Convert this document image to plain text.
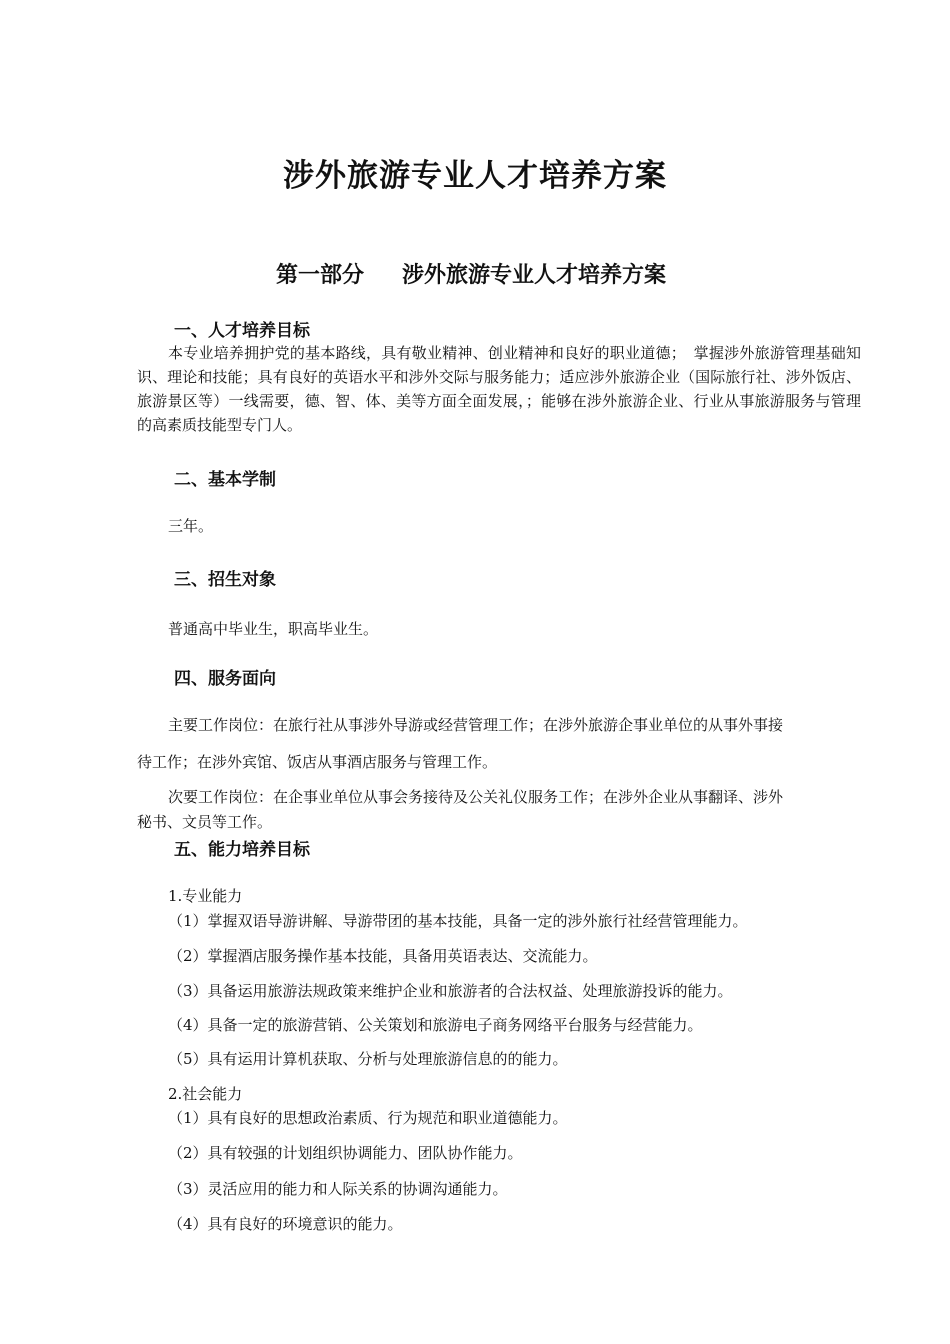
涉外旅游专业人才培养方案
第一部分 涉外旅游专业人才培养方案
一、人才培养目标
本专业培养拥护党的基本路线，具有敬业精神、创业精神和良好的职业道德；　掌握涉外旅游管理基础知识、理论和技能；具有良好的英语水平和涉外交际与服务能力；适应涉外旅游企业（国际旅行社、涉外饭店、旅游景区等）一线需要，德、智、体、美等方面全面发展，；能够在涉外旅游企业、行业从事旅游服务与管理的高素质技能型专门人。
二、基本学制
三年。
三、招生对象
普通高中毕业生，职高毕业生。
四、服务面向
主要工作岗位：在旅行社从事涉外导游或经营管理工作；在涉外旅游企事业单位的从事外事接
待工作；在涉外宾馆、饭店从事酒店服务与管理工作。
次要工作岗位：在企事业单位从事会务接待及公关礼仪服务工作；在涉外企业从事翻译、涉外
秘书、文员等工作。
五、能力培养目标
1.专业能力
（1）掌握双语导游讲解、导游带团的基本技能，具备一定的涉外旅行社经营管理能力。
（2）掌握酒店服务操作基本技能，具备用英语表达、交流能力。
（3）具备运用旅游法规政策来维护企业和旅游者的合法权益、处理旅游投诉的能力。
（4）具备一定的旅游营销、公关策划和旅游电子商务网络平台服务与经营能力。
（5）具有运用计算机获取、分析与处理旅游信息的的能力。
2.社会能力
（1）具有良好的思想政治素质、行为规范和职业道德能力。
（2）具有较强的计划组织协调能力、团队协作能力。
（3）灵活应用的能力和人际关系的协调沟通能力。
（4）具有良好的环境意识的能力。
